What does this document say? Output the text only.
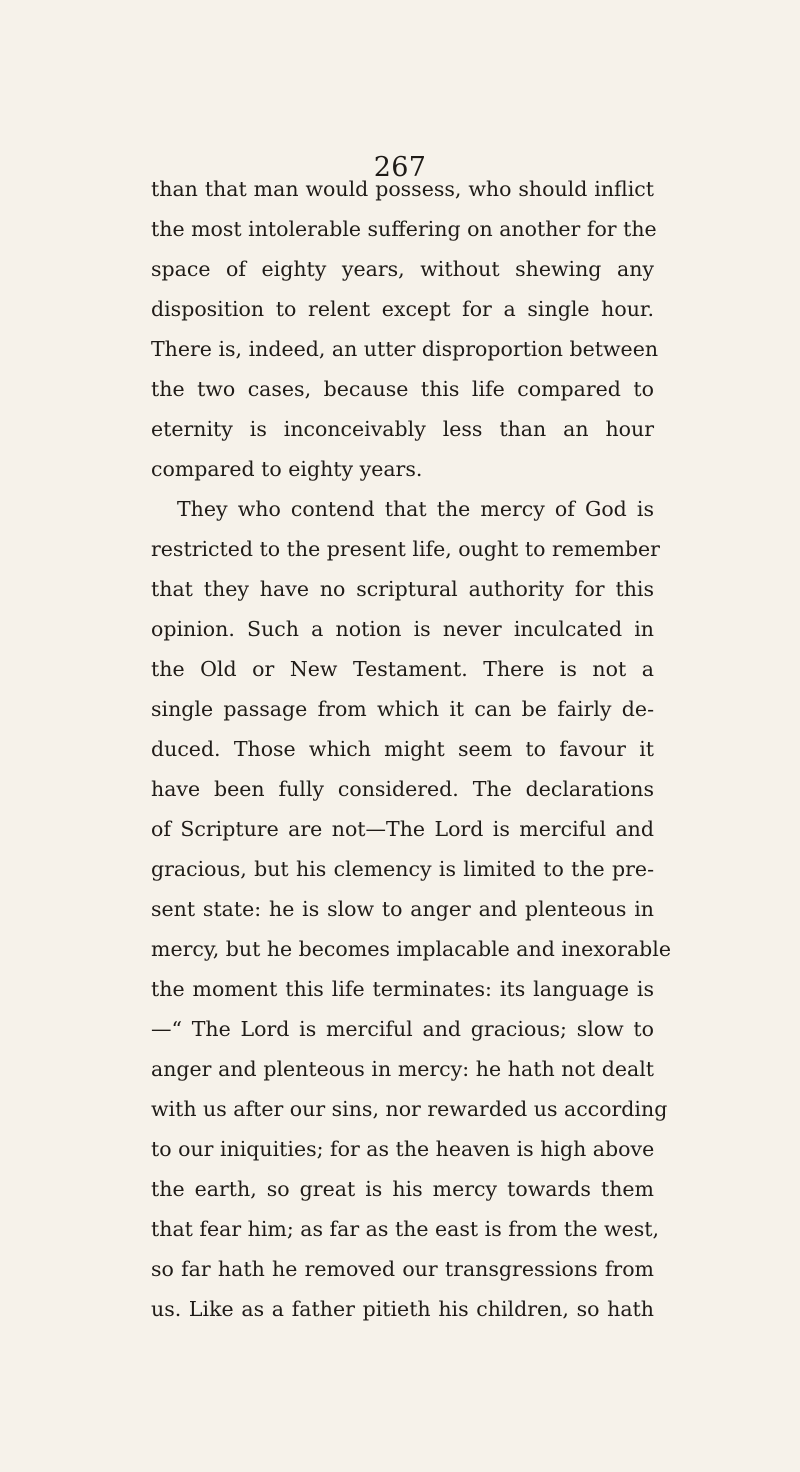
267
than that man would possess, who should inflict
the most intolerable suffering on another for the
space of eighty years, without shewing any
disposition to relent except for a single hour.
There is, indeed, an utter disproportion between
the two cases, because this life compared to
eternity is inconceivably less than an hour
compared to eighty years.
They who contend that the mercy of God is
restricted to the present life, ought to remember
that they have no scriptural authority for this
opinion. Such a notion is never inculcated in
the Old or New Testament. There is not a
single passage from which it can be fairly de-
duced. Those which might seem to favour it
have been fully considered. The declarations
of Scripture are not—The Lord is merciful and
gracious, but his clemency is limited to the pre-
sent state: he is slow to anger and plenteous in
mercy, but he becomes implacable and inexorable
the moment this life terminates: its language is
—“ The Lord is merciful and gracious; slow to
anger and plenteous in mercy: he hath not dealt
with us after our sins, nor rewarded us according
to our iniquities; for as the heaven is high above
the earth, so great is his mercy towards them
that fear him; as far as the east is from the west,
so far hath he removed our transgressions from
us. Like as a father pitieth his children, so hath
